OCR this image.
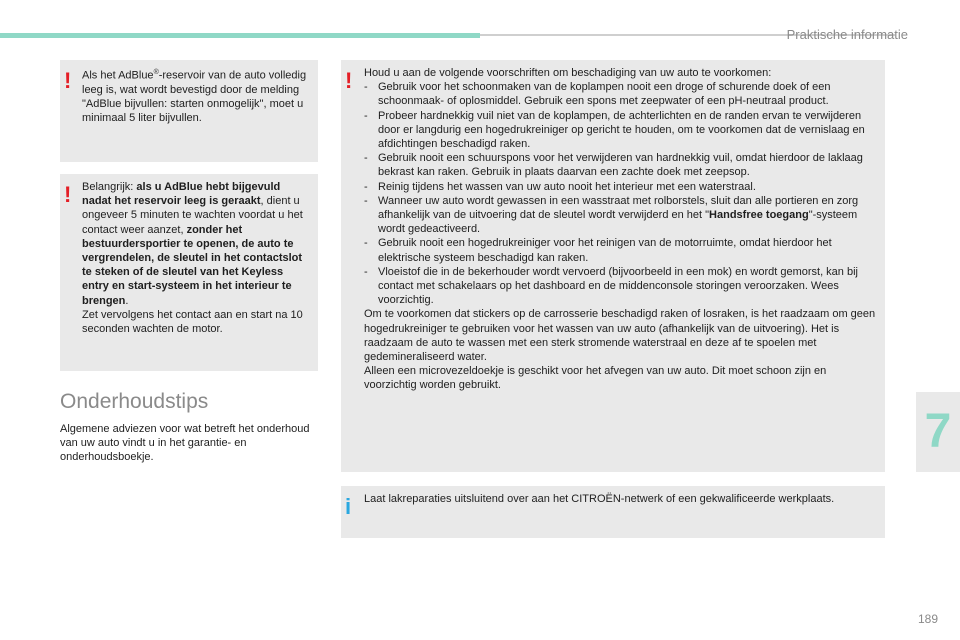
Praktische informatie
! Als het AdBlue®-reservoir van de auto volledig leeg is, wat wordt bevestigd door de melding "AdBlue bijvullen: starten onmogelijk", moet u minimaal 5 liter bijvullen.

! Belangrijk: als u AdBlue hebt bijgevuld nadat het reservoir leeg is geraakt, dient u ongeveer 5 minuten te wachten voordat u het contact weer aanzet, zonder het bestuurdersportier te openen, de auto te vergrendelen, de sleutel in het contactslot te steken of de sleutel van het Keyless entry en start-systeem in het interieur te brengen.

Zet vervolgens het contact aan en start na 10 seconden wachten de motor.

Onderhoudstips
Algemene adviezen voor wat betreft het onderhoud van uw auto vindt u in het garantie- en onderhoudsboekje.
! Houd u aan de volgende voorschriften om beschadiging van uw auto te voorkomen:

- Gebruik voor het schoonmaken van de koplampen nooit een droge of schurende doek of een schoonmaak- of oplosmiddel. Gebruik een spons met zeepwater of een pH-neutraal product.
- Probeer hardnekkig vuil niet van de koplampen, de achterlichten en de randen ervan te verwijderen door er langdurig een hogedrukreiniger op gericht te houden, om te voorkomen dat de vernislaag en afdichtingen beschadigd raken.
- Gebruik nooit een schuurspons voor het verwijderen van hardnekkig vuil, omdat hierdoor de laklaag bekrast kan raken. Gebruik in plaats daarvan een zachte doek met zeepsop.
- Reinig tijdens het wassen van uw auto nooit het interieur met een waterstraal.
- Wanneer uw auto wordt gewassen in een wasstraat met rolborstels, sluit dan alle portieren en zorg afhankelijk van de uitvoering dat de sleutel wordt verwijderd en het "Handsfree toegang"-systeem wordt gedeactiveerd.
- Gebruik nooit een hogedrukreiniger voor het reinigen van de motorruimte, omdat hierdoor het elektrische systeem beschadigd kan raken.
- Vloeistof die in de bekerhouder wordt vervoerd (bijvoorbeeld in een mok) en wordt gemorst, kan bij contact met schakelaars op het dashboard en de middenconsole storingen veroorzaken. Wees voorzichtig.

Om te voorkomen dat stickers op de carrosserie beschadigd raken of losraken, is het raadzaam om geen hogedrukreiniger te gebruiken voor het wassen van uw auto (afhankelijk van de uitvoering). Het is raadzaam de auto te wassen met een sterk stromende waterstraal en deze af te spoelen met gedemineraliseerd water.

Alleen een microvezeldoekje is geschikt voor het afvegen van uw auto. Dit moet schoon zijn en voorzichtig worden gebruikt.

i Laat lakreparaties uitsluitend over aan het CITROËN-netwerk of een gekwalificeerde werkplaats.

7
189
